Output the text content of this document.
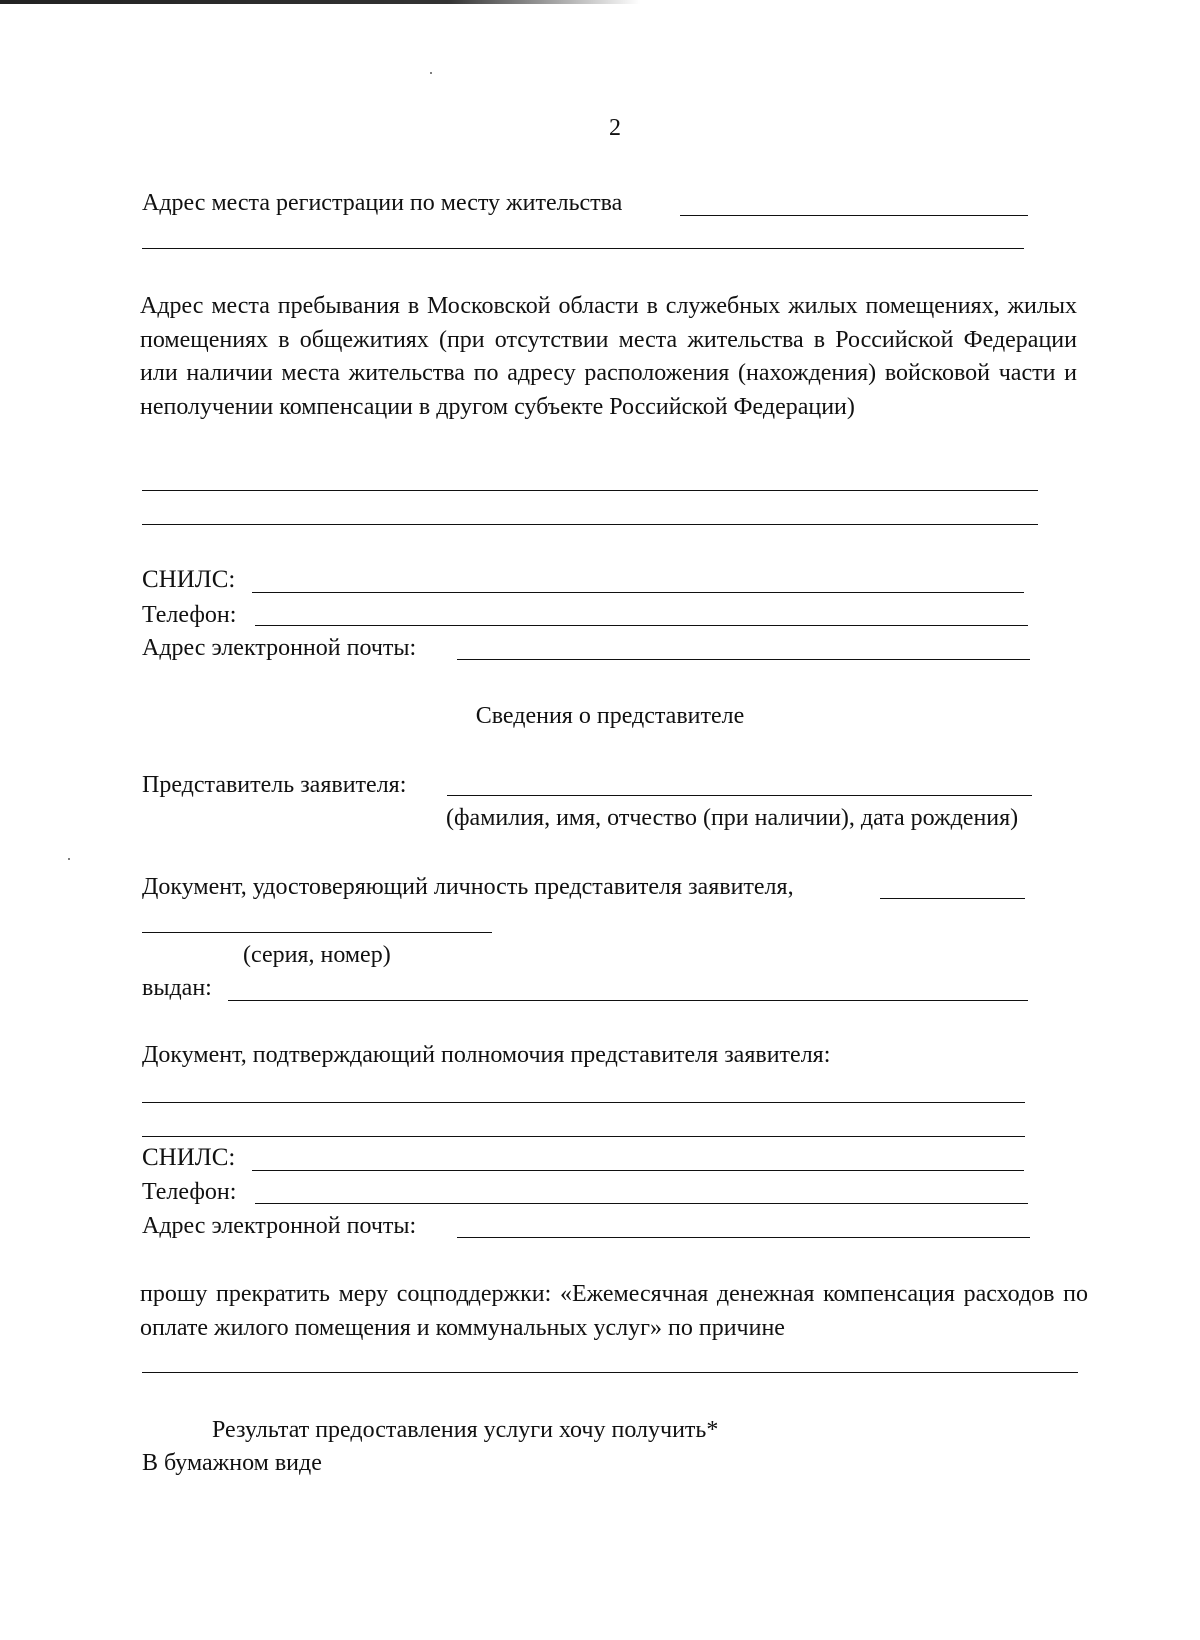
2
Адрес места регистрации по месту жительства
Адрес места пребывания в Московской области в служебных жилых помещениях, жилых помещениях в общежитиях (при отсутствии места жительства в Российской Федерации или наличии места жительства по адресу расположения (нахождения) войсковой части и неполучении компенсации в другом субъекте Российской Федерации)
СНИЛС:
Телефон:
Адрес электронной почты:
Сведения о представителе
Представитель заявителя:
(фамилия, имя, отчество (при наличии), дата рождения)
Документ, удостоверяющий личность представителя заявителя,
(серия, номер)
выдан:
Документ, подтверждающий полномочия представителя заявителя:
СНИЛС:
Телефон:
Адрес электронной почты:
прошу прекратить меру соцподдержки: «Ежемесячная денежная компенсация расходов по оплате жилого помещения и коммунальных услуг» по причине
Результат предоставления услуги хочу получить*
В бумажном виде
